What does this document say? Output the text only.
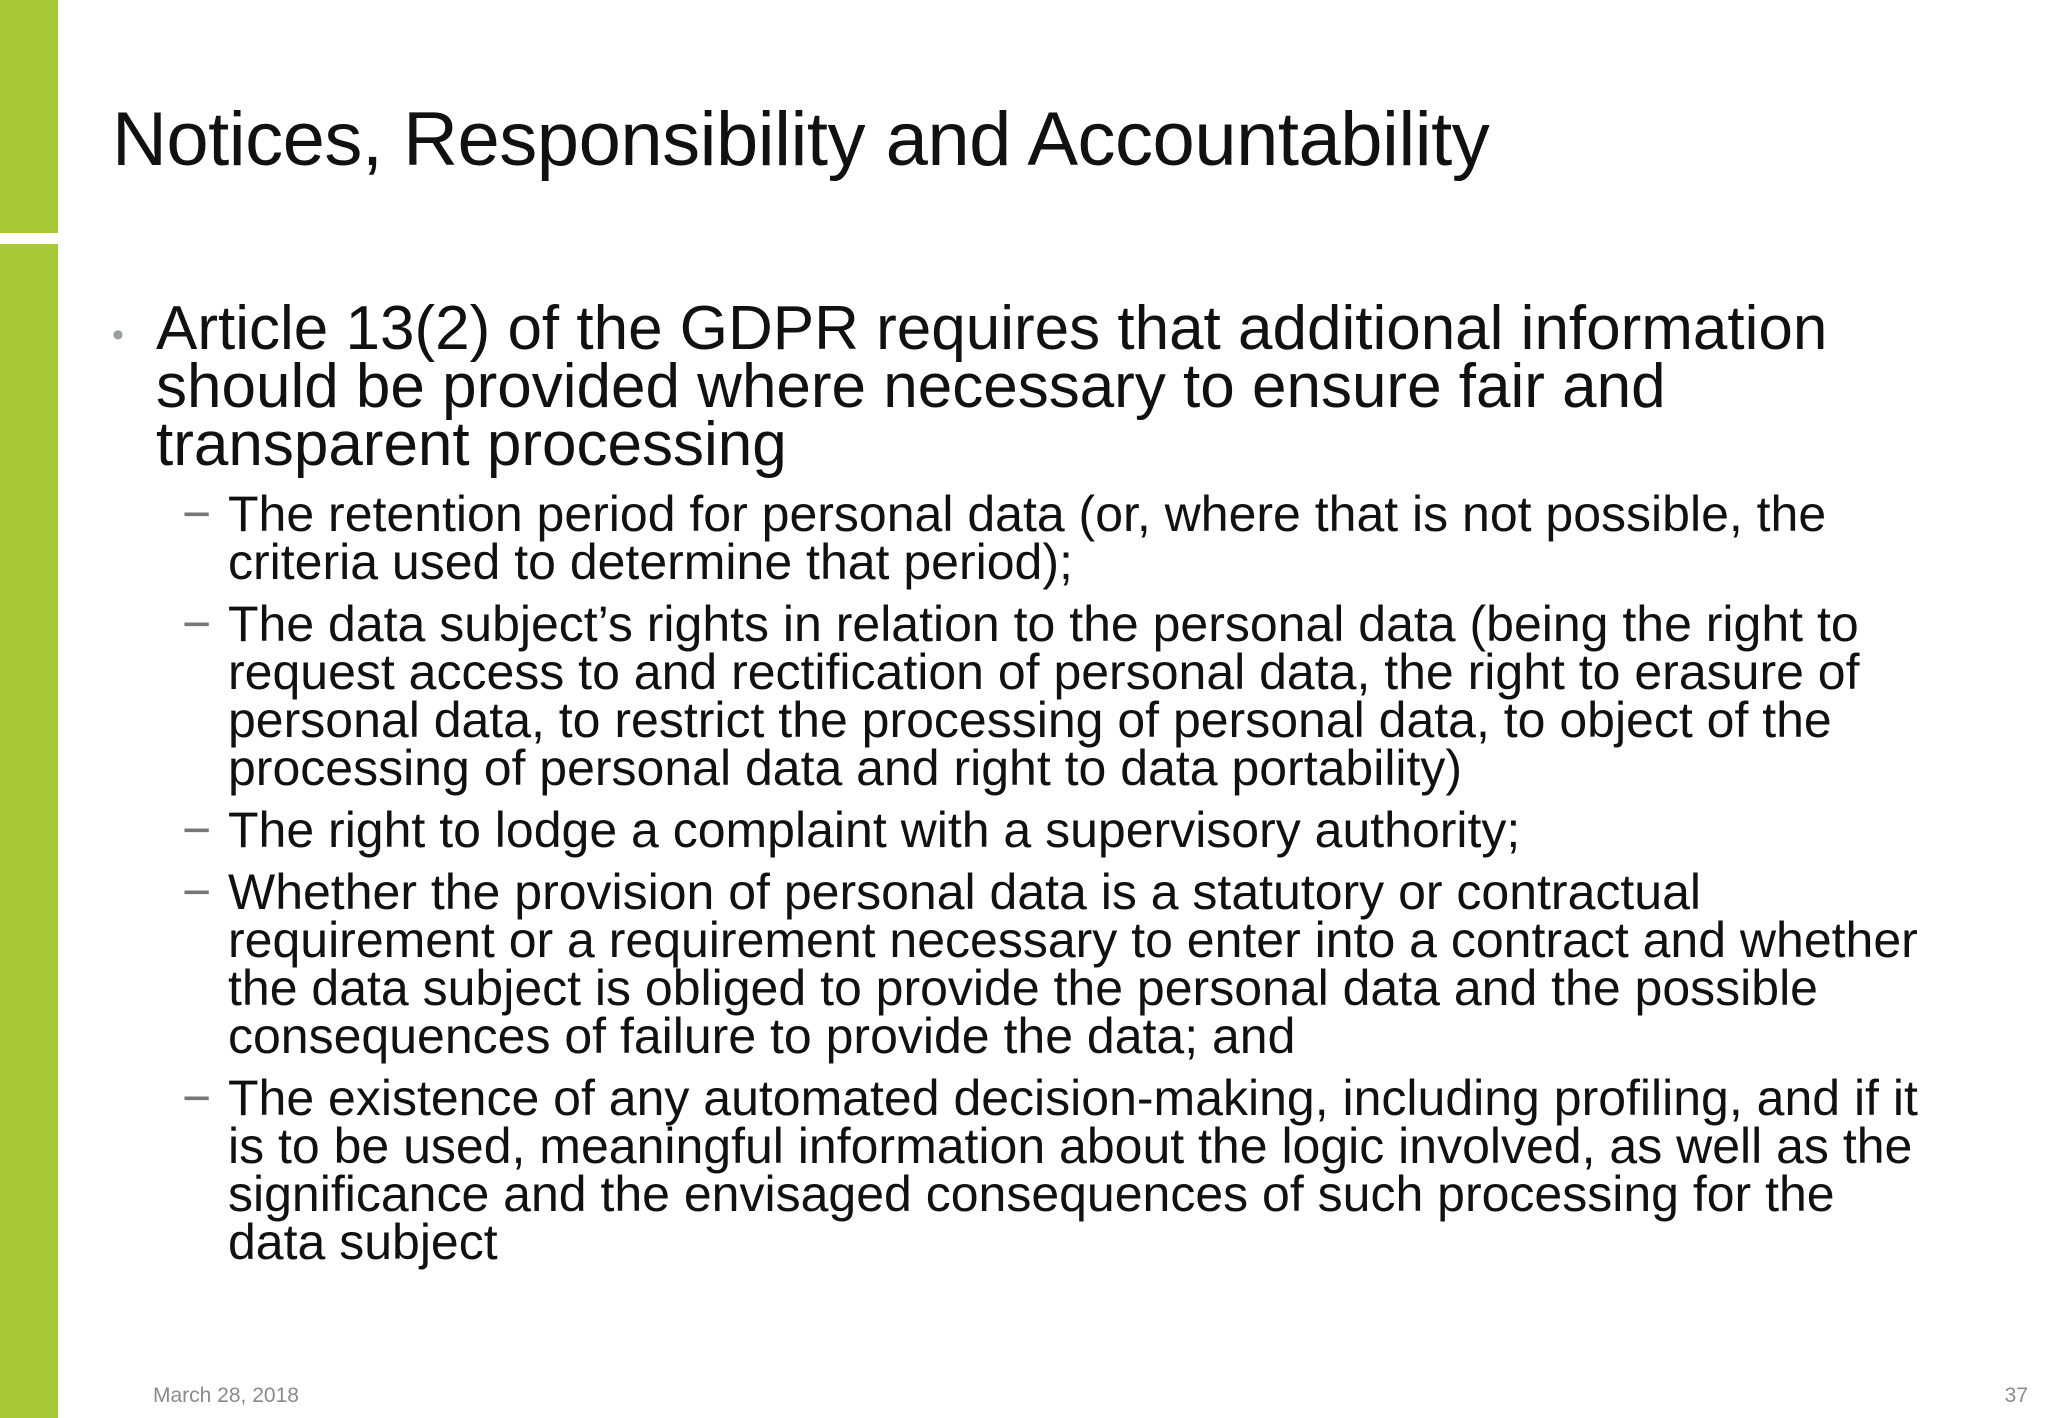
Notices, Responsibility and Accountability
• Article 13(2) of the GDPR requires that additional information should be provided where necessary to ensure fair and transparent processing

− The retention period for personal data (or, where that is not possible, the criteria used to determine that period);
− The data subject’s rights in relation to the personal data (being the right to request access to and rectification of personal data, the right to erasure of personal data, to restrict the processing of personal data, to object of the processing of personal data and right to data portability)
− The right to lodge a complaint with a supervisory authority;
− Whether the provision of personal data is a statutory or contractual requirement or a requirement necessary to enter into a contract and whether the data subject is obliged to provide the personal data and the possible consequences of failure to provide the data; and
− The existence of any automated decision-making, including profiling, and if it is to be used, meaningful information about the logic involved, as well as the significance and the envisaged consequences of such processing for the data subject
March 28, 2018	37
